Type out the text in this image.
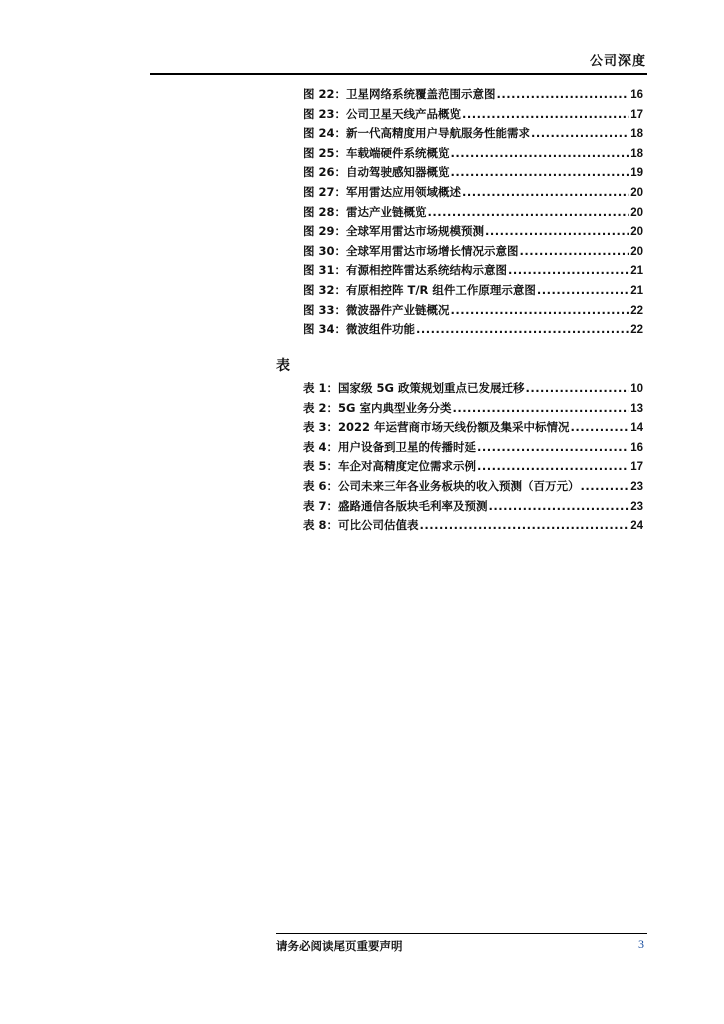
公司深度
图 22：卫星网络系统覆盖范围示意图 .....	16
图 23：公司卫星天线产品概览 .....	17
图 24：新一代高精度用户导航服务性能需求 .....	18
图 25：车载端硬件系统概览 .....	18
图 26：自动驾驶感知器概览 .....	19
图 27：军用雷达应用领域概述 .....	20
图 28：雷达产业链概览 .....	20
图 29：全球军用雷达市场规模预测 .....	20
图 30：全球军用雷达市场增长情况示意图 .....	20
图 31：有源相控阵雷达系统结构示意图 .....	21
图 32：有原相控阵 T/R 组件工作原理示意图 .....	21
图 33：微波器件产业链概况 .....	22
图 34：微波组件功能 .....	22
表
表 1：国家级 5G 政策规划重点已发展迁移 .....	10
表 2：5G 室内典型业务分类 .....	13
表 3：2022 年运营商市场天线份额及集采中标情况 .....	14
表 4：用户设备到卫星的传播时延 .....	16
表 5：车企对高精度定位需求示例 .....	17
表 6：公司未来三年各业务板块的收入预测（百万元） .....	23
表 7：盛路通信各版块毛利率及预测 .....	23
表 8：可比公司估值表 .....	24
请务必阅读尾页重要声明	3
